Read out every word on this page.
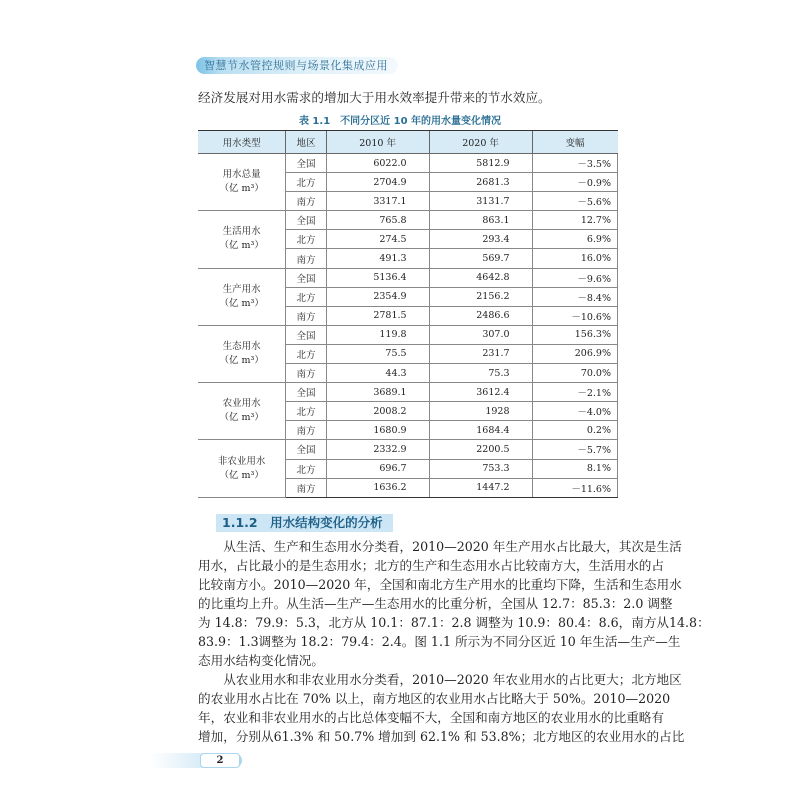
智慧节水管控规则与场景化集成应用
经济发展对用水需求的增加大于用水效率提升带来的节水效应。
表 1.1　不同分区近 10 年的用水量变化情况
用水类型	地区	2010 年	2020 年	变幅

用水总量
（亿 m³）	全国	6022.0	5812.9	－3.5%
	北方	2704.9	2681.3	－0.9%
	南方	3317.1	3131.7	－5.6%

生活用水
（亿 m³）	全国	765.8	863.1	12.7%
	北方	274.5	293.4	6.9%
	南方	491.3	569.7	16.0%

生产用水
（亿 m³）	全国	5136.4	4642.8	－9.6%
	北方	2354.9	2156.2	－8.4%
	南方	2781.5	2486.6	－10.6%

生态用水
（亿 m³）	全国	119.8	307.0	156.3%
	北方	75.5	231.7	206.9%
	南方	44.3	75.3	70.0%

农业用水
（亿 m³）	全国	3689.1	3612.4	－2.1%
	北方	2008.2	1928	－4.0%
	南方	1680.9	1684.4	0.2%

非农业用水
（亿 m³）	全国	2332.9	2200.5	－5.7%
	北方	696.7	753.3	8.1%
	南方	1636.2	1447.2	－11.6%
1.1.2　用水结构变化的分析
　　从生活、生产和生态用水分类看，2010—2020 年生产用水占比最大，其次是生活
用水，占比最小的是生态用水；北方的生产和生态用水占比较南方大，生活用水的占
比较南方小。2010—2020 年，全国和南北方生产用水的比重均下降，生活和生态用水
的比重均上升。从生活—生产—生态用水的比重分析，全国从 12.7：85.3：2.0 调整
为 14.8：79.9：5.3，北方从 10.1：87.1：2.8 调整为 10.9：80.4：8.6，南方从14.8：
83.9：1.3调整为 18.2：79.4：2.4。图 1.1 所示为不同分区近 10 年生活—生产—生
态用水结构变化情况。
　　从农业用水和非农业用水分类看，2010—2020 年农业用水的占比更大；北方地区
的农业用水占比在 70% 以上，南方地区的农业用水占比略大于 50%。2010—2020
年，农业和非农业用水的占比总体变幅不大，全国和南方地区的农业用水的比重略有
增加，分别从61.3% 和 50.7% 增加到 62.1% 和 53.8%；北方地区的农业用水的占比
2
